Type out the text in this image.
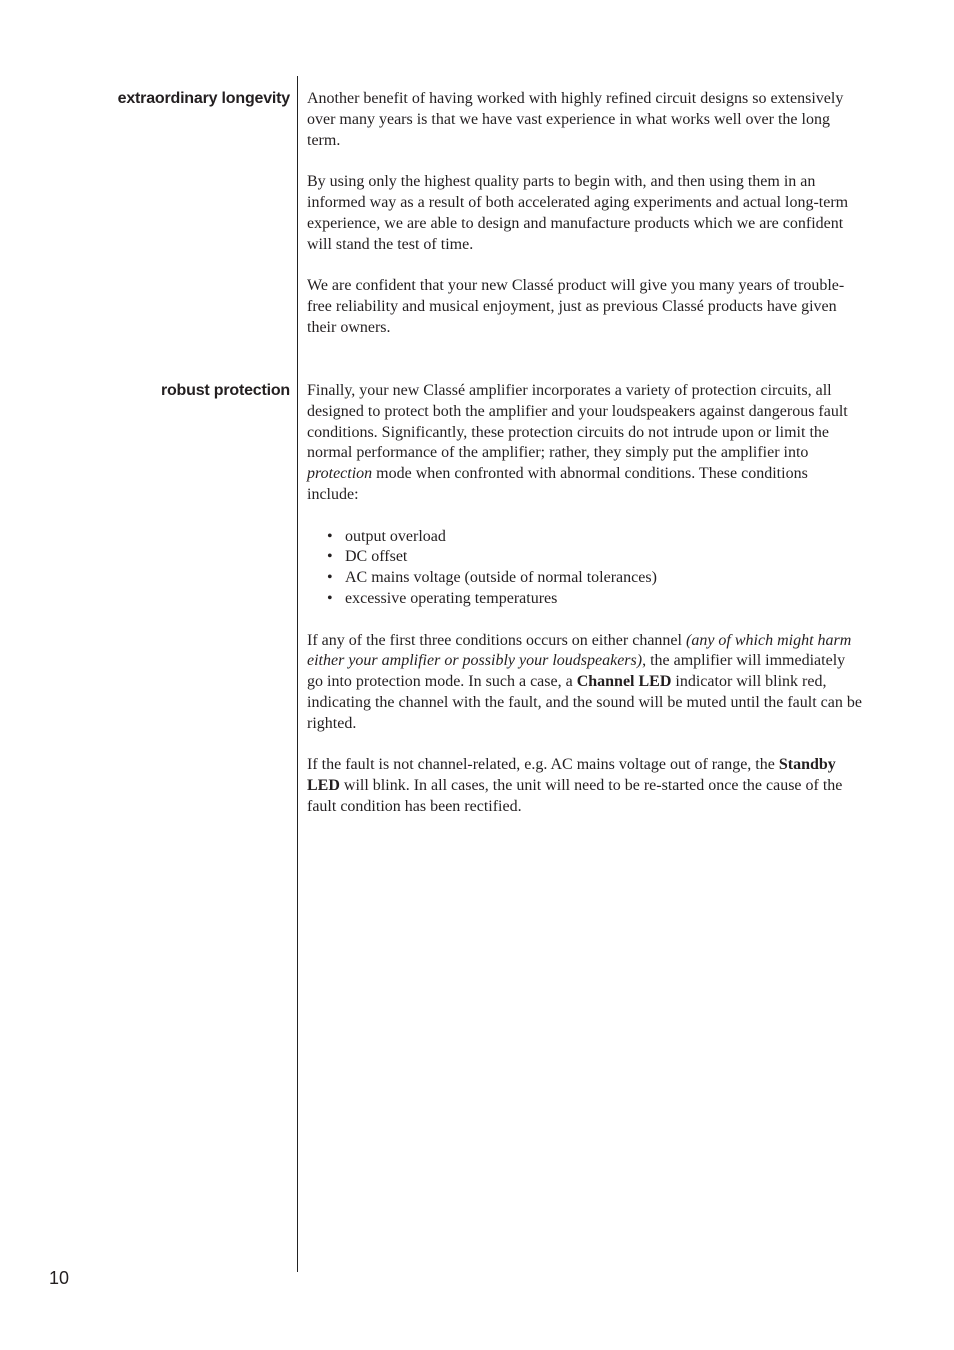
extraordinary longevity Another benefit of having worked with highly refined circuit designs so extensively over many years is that we have vast experience in what works well over the long term.

By using only the highest quality parts to begin with, and then using them in an informed way as a result of both accelerated aging experiments and actual long-term experience, we are able to design and manufacture products which we are confident will stand the test of time.

We are confident that your new Classé product will give you many years of trouble-free reliability and musical enjoyment, just as previous Classé products have given their owners.

robust protection Finally, your new Classé amplifier incorporates a variety of protection circuits, all designed to protect both the amplifier and your loudspeakers against dangerous fault conditions. Significantly, these protection circuits do not intrude upon or limit the normal performance of the amplifier; rather, they simply put the amplifier into protection mode when confronted with abnormal conditions. These conditions include:

• output overload
• DC offset
• AC mains voltage (outside of normal tolerances)
• excessive operating temperatures

If any of the first three conditions occurs on either channel (any of which might harm either your amplifier or possibly your loudspeakers), the amplifier will immediately go into protection mode. In such a case, a Channel LED indicator will blink red, indicating the channel with the fault, and the sound will be muted until the fault can be righted.

If the fault is not channel-related, e.g. AC mains voltage out of range, the Standby LED will blink. In all cases, the unit will need to be re-started once the cause of the fault condition has been rectified.

10
